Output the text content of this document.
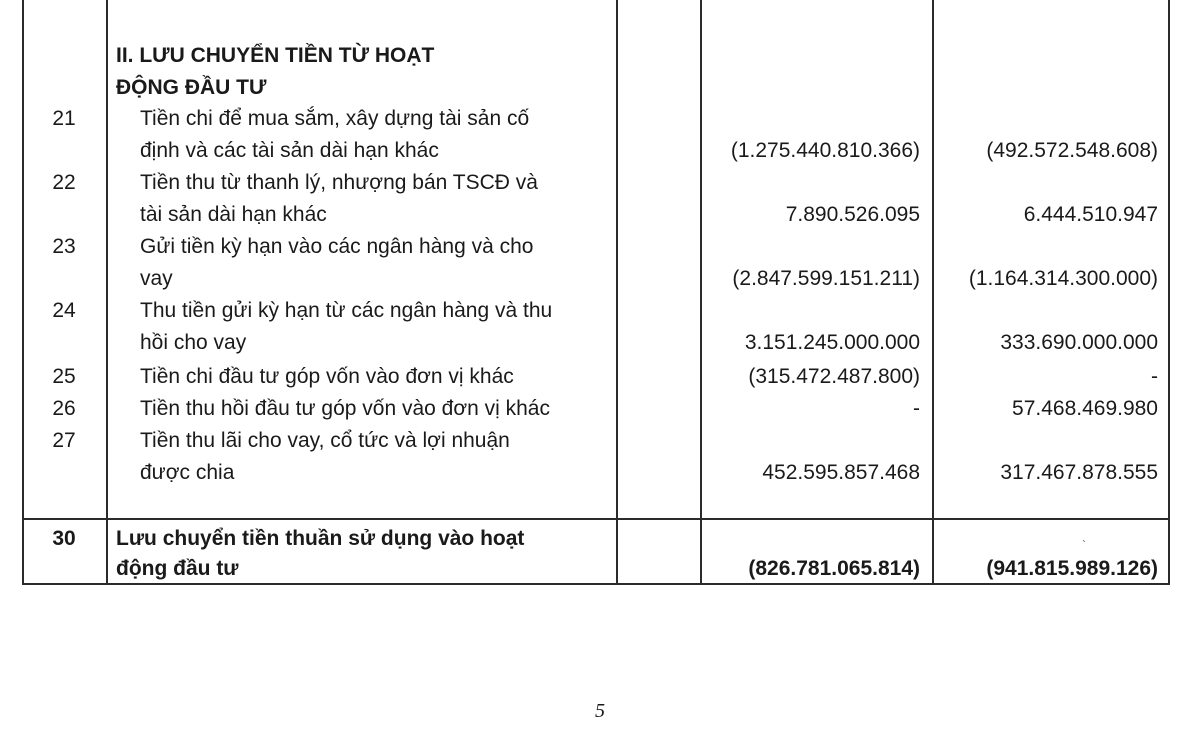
II. LƯU CHUYỂN TIỀN TỪ HOẠT
ĐỘNG ĐẦU TƯ
21	Tiền chi để mua sắm, xây dựng tài sản cố
định và các tài sản dài hạn khác	(1.275.440.810.366)	(492.572.548.608)
22	Tiền thu từ thanh lý, nhượng bán TSCĐ và
tài sản dài hạn khác	7.890.526.095	6.444.510.947
23	Gửi tiền kỳ hạn vào các ngân hàng và cho
vay	(2.847.599.151.211) (1.164.314.300.000)
24	Thu tiền gửi kỳ hạn từ các ngân hàng và thu
hồi cho vay	3.151.245.000.000	333.690.000.000
25	Tiền chi đầu tư góp vốn vào đơn vị khác	(315.472.487.800)	-
26	Tiền thu hồi đầu tư góp vốn vào đơn vị khác	-	57.468.469.980
27	Tiền thu lãi cho vay, cổ tức và lợi nhuận
được chia	452.595.857.468	317.467.878.555
30	Lưu chuyển tiền thuần sử dụng vào hoạt
động đầu tư	(826.781.065.814)	(941.815.989.126)
`
5
